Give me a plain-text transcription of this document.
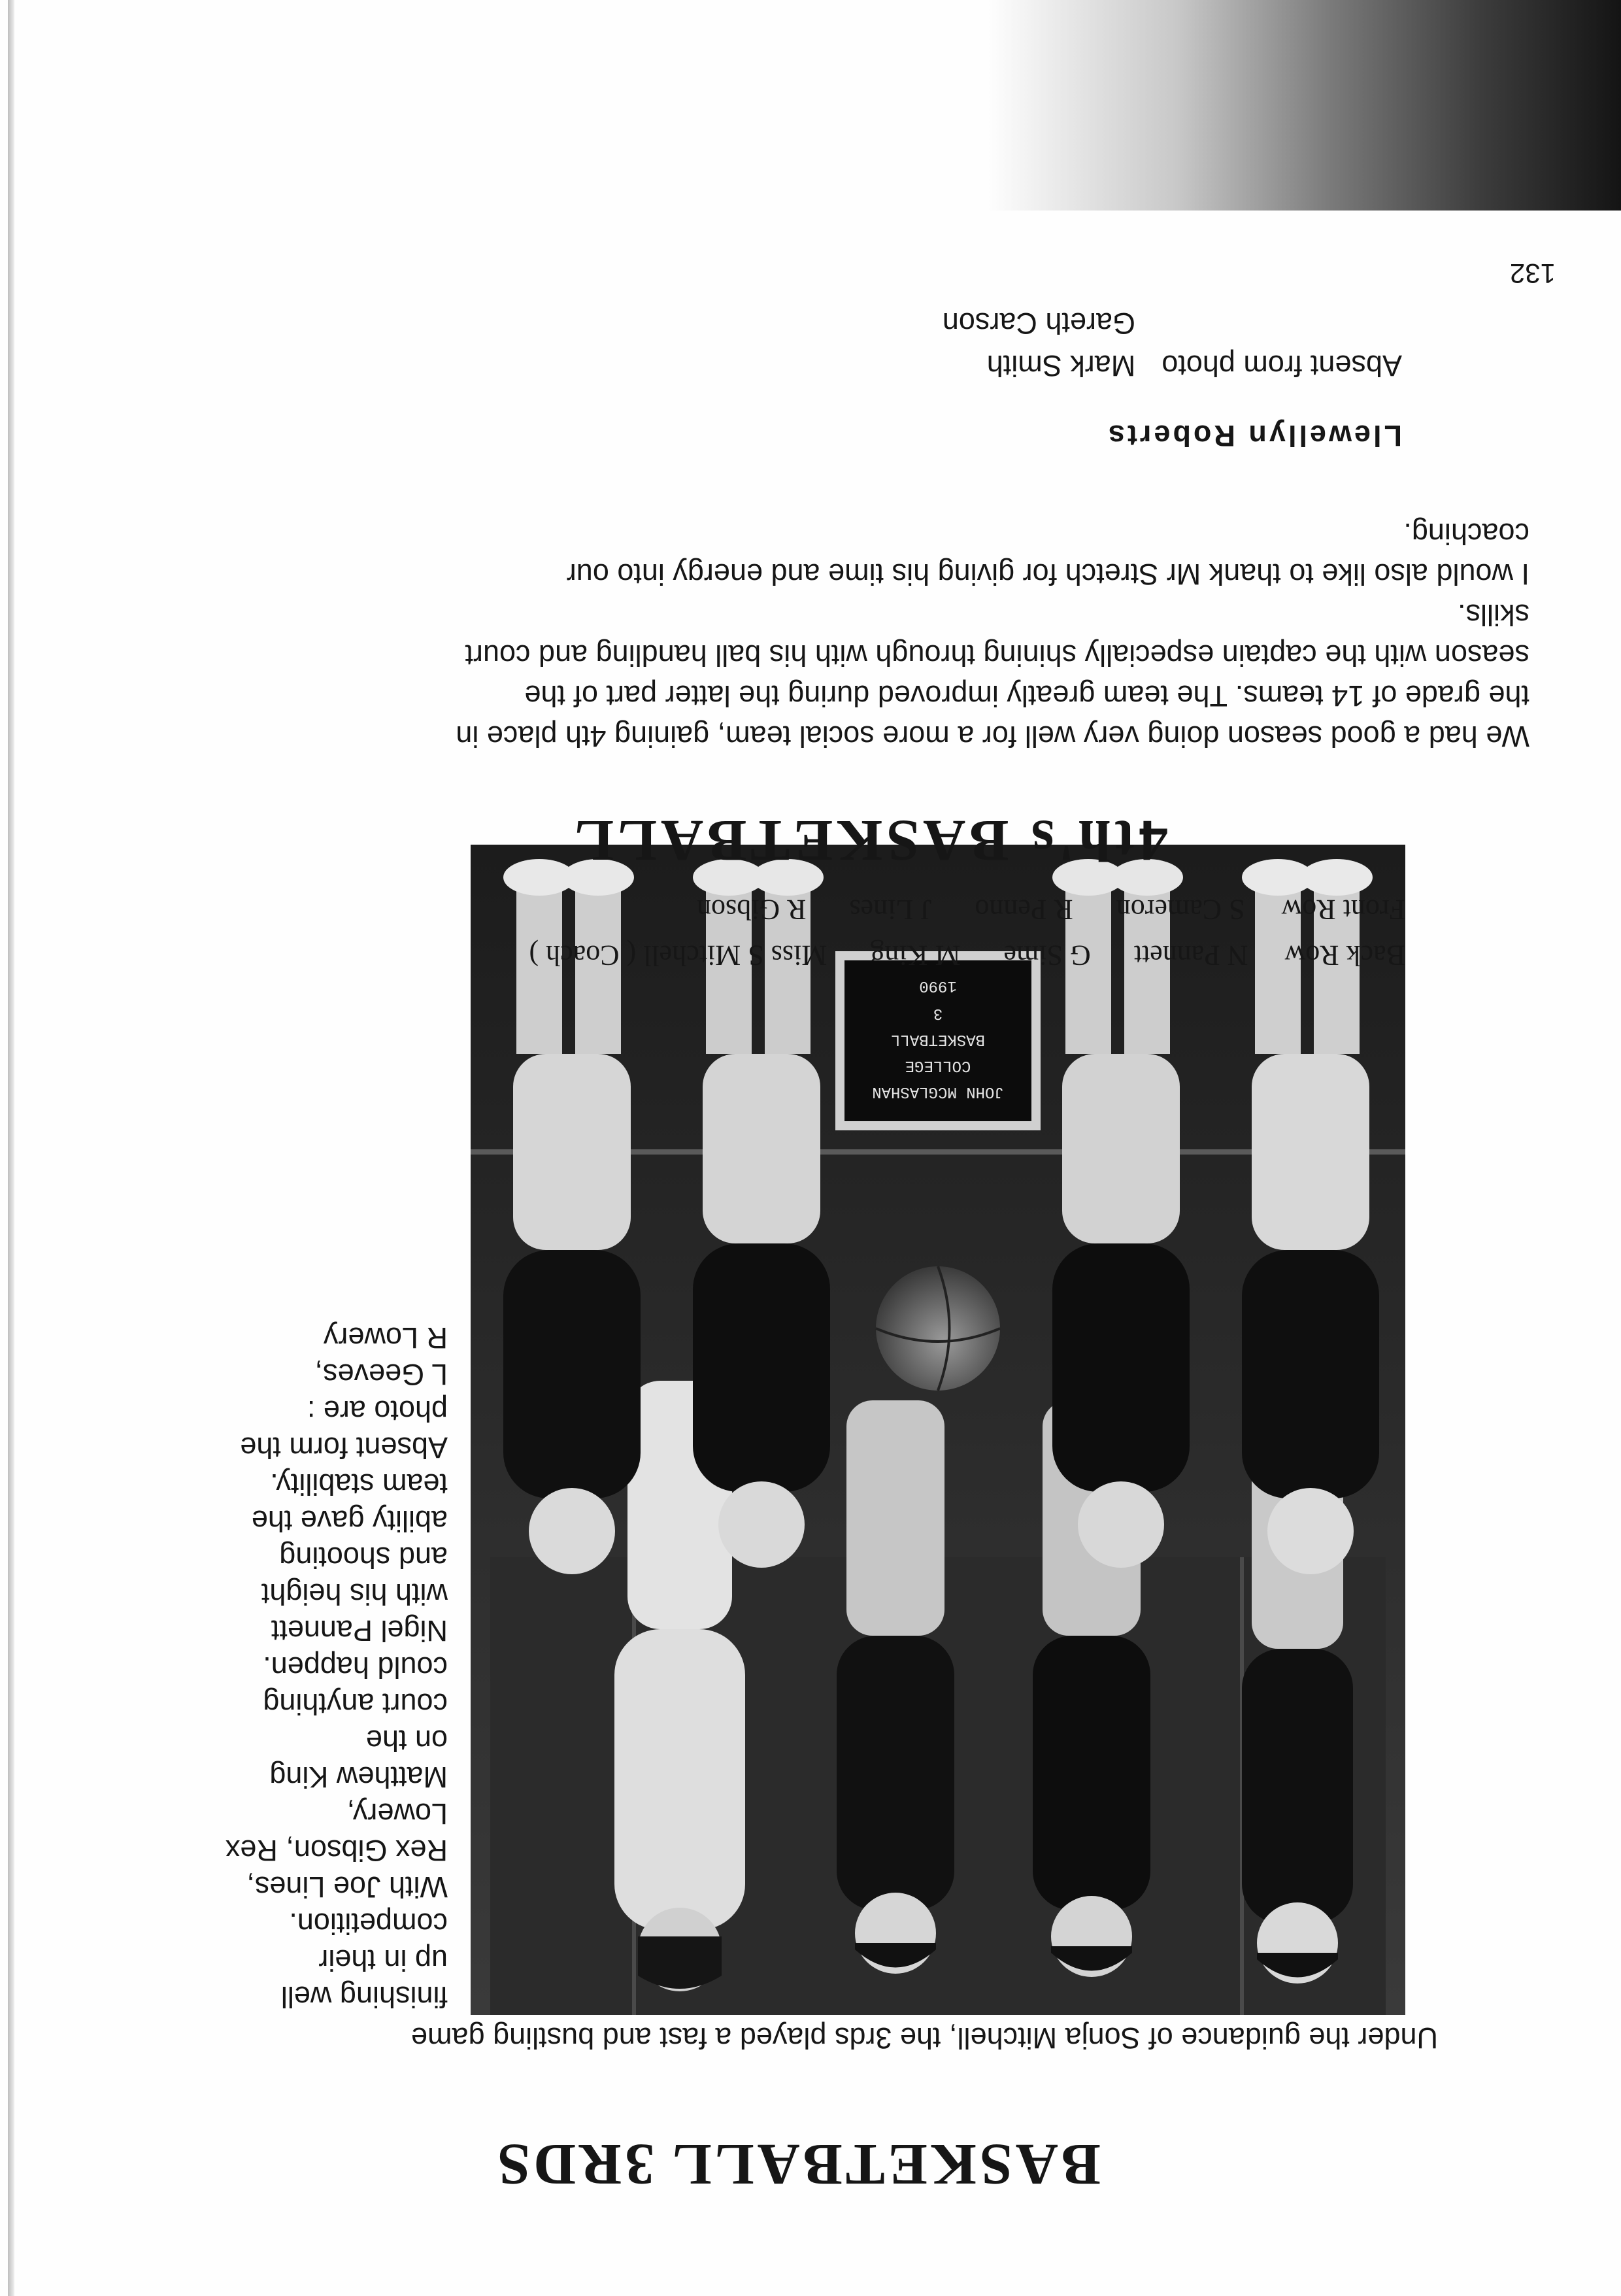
BASKETBALL 3RDS
Under the guidance of Sonja Mitchell, the 3rds played a fast and bustling game
finishing well
up in their
competition.
With Joe Lines,
Rex Gibson, Rex
Lowery,
Matthew King
on the
court anything
could happen.
Nigel Pannett
with his height
and shooting
ability gave the
team stability.
Absent form the
photo are :
L Geeves,
R Lowery
JOHN MCGLASHAN
COLLEGE
BASKETBALL
3
1990
Back Row N Pannett G Sime M King Miss S Mitchell ( Coach )
Front Row S Cameron R Penno J Lines R Gibson
4th's BASKETBALL

We had a good season doing very well for a more social team, gaining 4th place in

the grade of 14 teams. The team greatly improved during the latter part of the

season with the captain especially shining through with his ball handling and court

skills.

I would also like to thank Mr Stretch for giving his time and energy into our

coaching.

Llewellyn Roberts
Absent from photoMark Smith
Gareth Carson
132
